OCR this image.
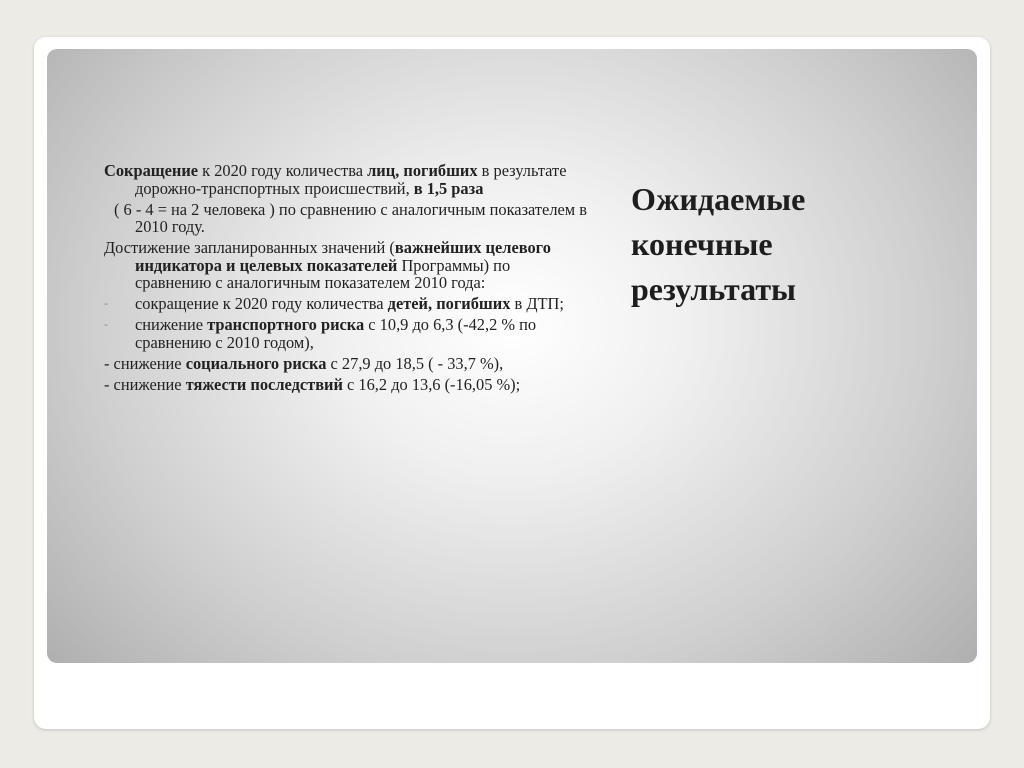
Сокращение к 2020 году количества лиц, погибших в результате дорожно-транспортных происшествий, в 1,5 раза

( 6 - 4 = на 2 человека ) по сравнению с аналогичным показателем в 2010 году.

Достижение запланированных значений (важнейших целевого индикатора и целевых показателей Программы) по сравнению с аналогичным показателем 2010 года:

- сокращение к 2020 году количества детей, погибших в ДТП;

- снижение транспортного риска с 10,9 до 6,3 (-42,2 % по сравнению с 2010 годом),

- снижение социального риска с 27,9 до 18,5 ( - 33,7 %),

- снижение тяжести последствий с 16,2 до 13,6 (-16,05 %);

Ожидаемые
конечные
результаты
